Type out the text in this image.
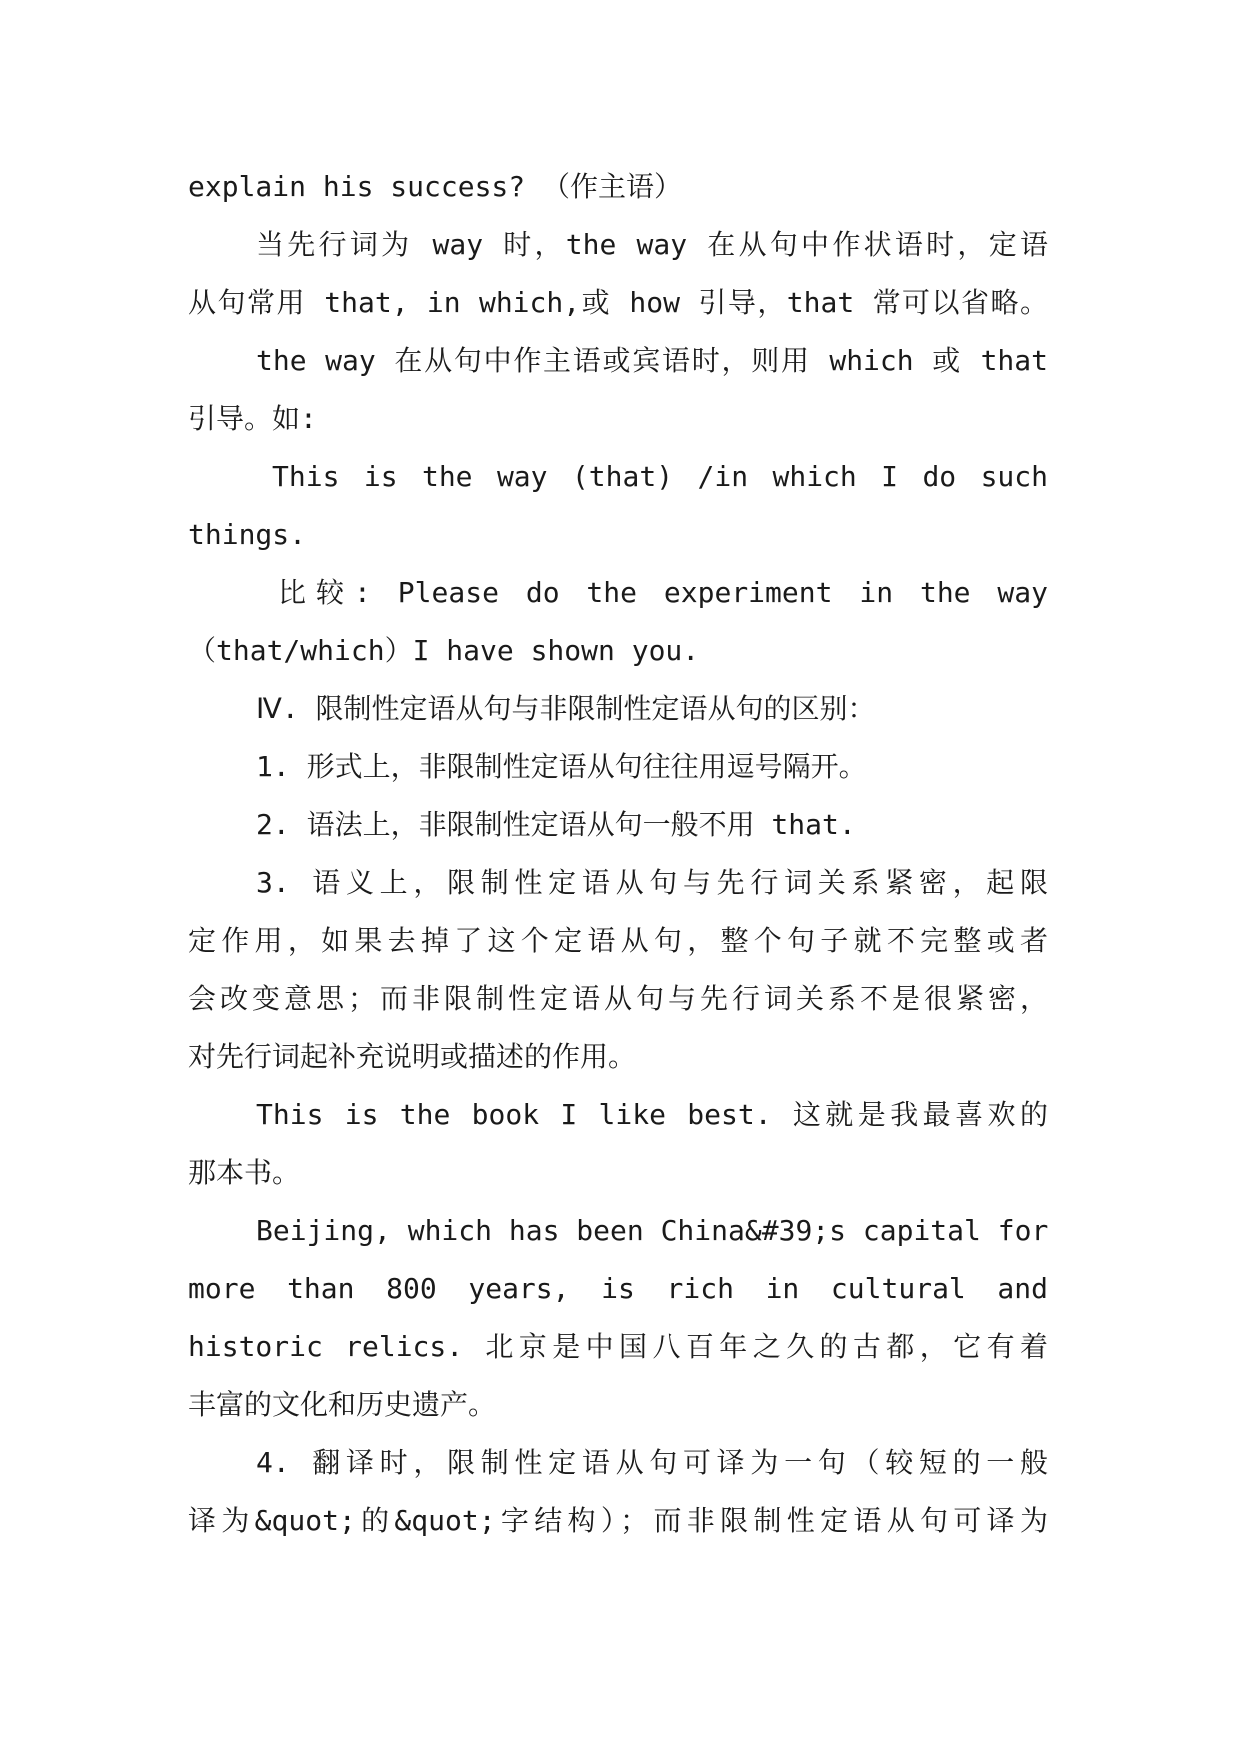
explain his success? （作主语）

当先行词为 way 时，the way 在从句中作状语时，定语

从句常用 that, in which,或 how 引导，that 常可以省略。

the way 在从句中作主语或宾语时，则用 which 或 that

引导。如:

This is the way (that) /in which I do such

things.

比较: Please do the experiment in the way

（that/which）I have shown you.

Ⅳ. 限制性定语从句与非限制性定语从句的区别：

1. 形式上，非限制性定语从句往往用逗号隔开。

2. 语法上，非限制性定语从句一般不用 that.

3. 语义上，限制性定语从句与先行词关系紧密，起限

定作用，如果去掉了这个定语从句，整个句子就不完整或者

会改变意思；而非限制性定语从句与先行词关系不是很紧密，

对先行词起补充说明或描述的作用。

This is the book I like best. 这就是我最喜欢的

那本书。

Beijing, which has been China&#39;s capital for

more than 800 years, is rich in cultural and

historic relics. 北京是中国八百年之久的古都，它有着

丰富的文化和历史遗产。

4. 翻译时，限制性定语从句可译为一句（较短的一般

译为&quot;的&quot;字结构）；而非限制性定语从句可译为
